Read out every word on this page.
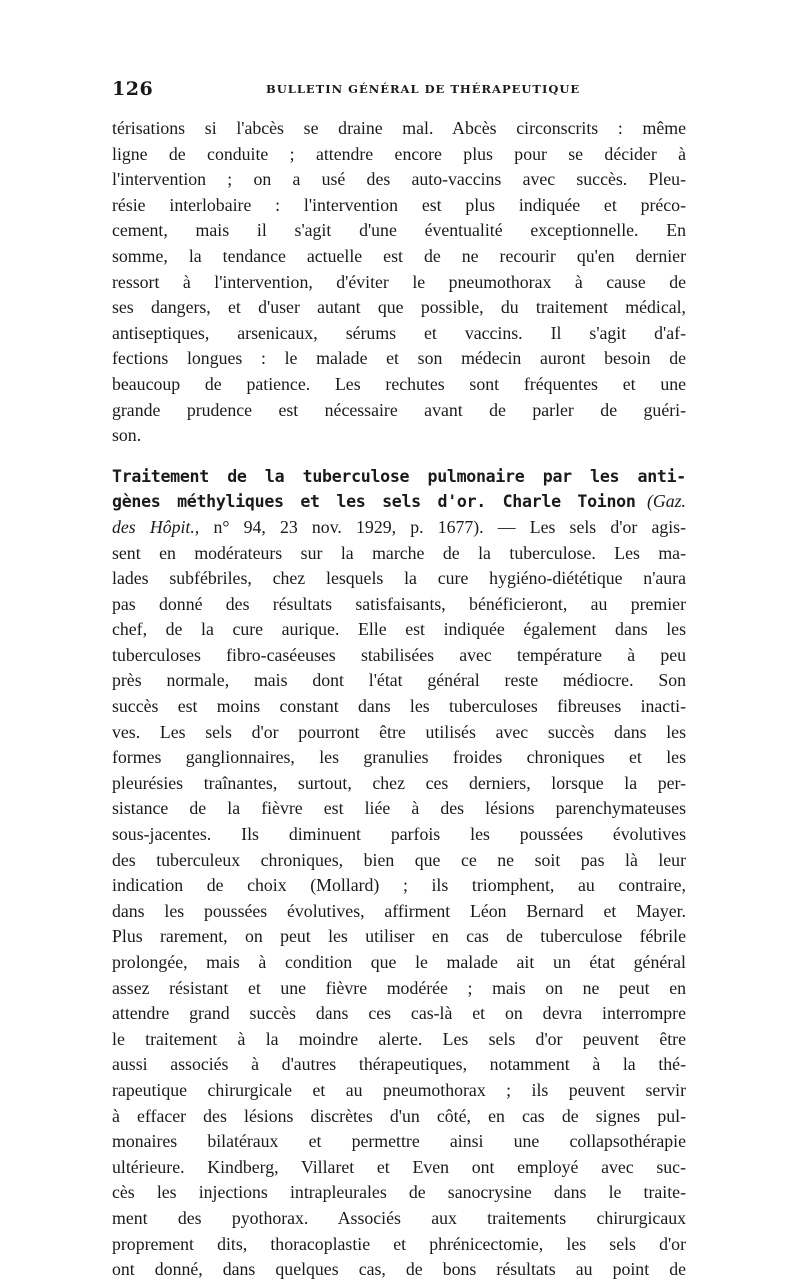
126	BULLETIN GÉNÉRAL DE THÉRAPEUTIQUE
térisations si l'abcès se draine mal. Abcès circonscrits : même
ligne de conduite ; attendre encore plus pour se décider à
l'intervention ; on a usé des auto-vaccins avec succès. Pleu-
résie interlobaire : l'intervention est plus indiquée et préco-
cement, mais il s'agit d'une éventualité exceptionnelle. En
somme, la tendance actuelle est de ne recourir qu'en dernier
ressort à l'intervention, d'éviter le pneumothorax à cause de
ses dangers, et d'user autant que possible, du traitement médical,
antiseptiques, arsenicaux, sérums et vaccins. Il s'agit d'af-
fections longues : le malade et son médecin auront besoin de
beaucoup de patience. Les rechutes sont fréquentes et une
grande prudence est nécessaire avant de parler de guéri-
son.
Traitement de la tuberculose pulmonaire par les anti-
gènes méthyliques et les sels d'or. Charle Toinon (Gaz.
des Hôpit., n° 94, 23 nov. 1929, p. 1677). — Les sels d'or agis-
sent en modérateurs sur la marche de la tuberculose. Les ma-
lades subfébriles, chez lesquels la cure hygiéno-diététique n'aura
pas donné des résultats satisfaisants, bénéficieront, au premier
chef, de la cure aurique. Elle est indiquée également dans les
tuberculoses fibro-caséeuses stabilisées avec température à peu
près normale, mais dont l'état général reste médiocre. Son
succès est moins constant dans les tuberculoses fibreuses inacti-
ves. Les sels d'or pourront être utilisés avec succès dans les
formes ganglionnaires, les granulies froides chroniques et les
pleurésies traînantes, surtout, chez ces derniers, lorsque la per-
sistance de la fièvre est liée à des lésions parenchymateuses
sous-jacentes. Ils diminuent parfois les poussées évolutives
des tuberculeux chroniques, bien que ce ne soit pas là leur
indication de choix (Mollard) ; ils triomphent, au contraire,
dans les poussées évolutives, affirment Léon Bernard et Mayer.
Plus rarement, on peut les utiliser en cas de tuberculose fébrile
prolongée, mais à condition que le malade ait un état général
assez résistant et une fièvre modérée ; mais on ne peut en
attendre grand succès dans ces cas-là et on devra interrompre
le traitement à la moindre alerte. Les sels d'or peuvent être
aussi associés à d'autres thérapeutiques, notamment à la thé-
rapeutique chirurgicale et au pneumothorax ; ils peuvent servir
à effacer des lésions discrètes d'un côté, en cas de signes pul-
monaires bilatéraux et permettre ainsi une collapsothérapie
ultérieure. Kindberg, Villaret et Even ont employé avec suc-
cès les injections intrapleurales de sanocrysine dans le traite-
ment des pyothorax. Associés aux traitements chirurgicaux
proprement dits, thoracoplastie et phrénicectomie, les sels d'or
ont donné, dans quelques cas, de bons résultats au point de
